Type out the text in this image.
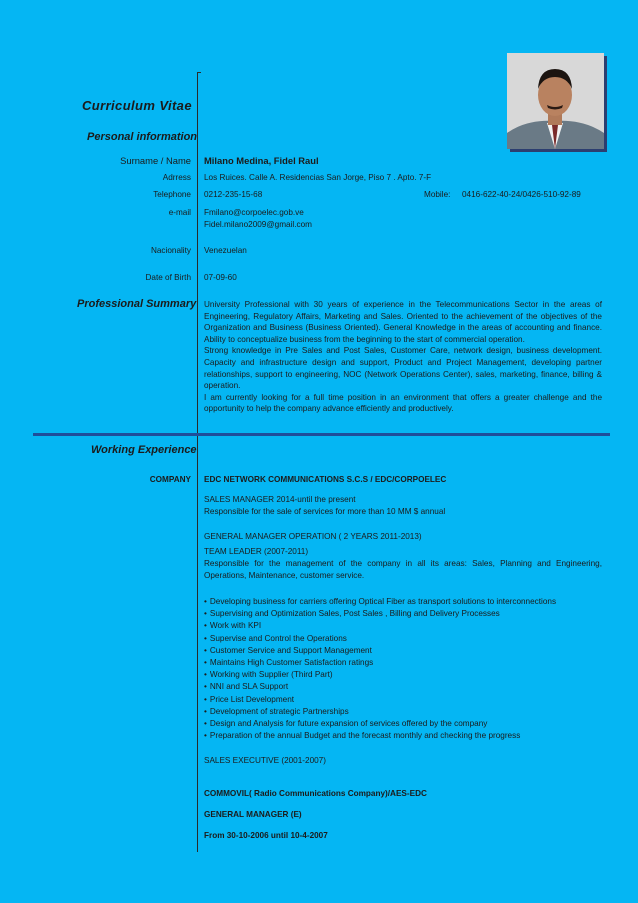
Curriculum Vitae
Personal information
Surname / Name Milano Medina, Fidel Raul
Adrress Los Ruices. Calle A. Residencias San Jorge, Piso 7 . Apto. 7-F
Telephone 0212-235-15-68	Mobile: 0416-622-40-24/0426-510-92-89
e-mail Fmilano@corpoelec.gob.ve
Fidel.milano2009@gmail.com
Nacionality Venezuelan
Date of Birth 07-09-60
Professional Summary University Professional with 30 years of experience in the Telecommunications Sector in the areas of Engineering, Regulatory Affairs, Marketing and Sales. Oriented to the achievement of the objectives of the Organization and Business (Business Oriented). General Knowledge in the areas of accounting and finance. Ability to conceptualize business from the beginning to the start of commercial operation.

Strong knowledge in Pre Sales and Post Sales, Customer Care, network design, business development. Capacity and infrastructure design and support, Product and Project Management, developing partner relationships, support to engineering, NOC (Network Operations Center), sales, marketing, finance, billing & operation.

I am currently looking for a full time position in an environment that offers a greater challenge and the opportunity to help the company advance efficiently and productively.

Working Experience
COMPANY EDC NETWORK COMMUNICATIONS S.C.S / EDC/CORPOELEC
SALES MANAGER 2014-until the present
Responsible for the sale of services for more than 10 MM $ annual
GENERAL MANAGER OPERATION ( 2 YEARS 2011-2013)
TEAM LEADER (2007-2011)
Responsible for the management of the company in all its areas: Sales, Planning and Engineering, Operations, Maintenance, customer service.
• Developing business for carriers offering Optical Fiber as transport solutions to interconnections
• Supervising and Optimization Sales, Post Sales , Billing and Delivery Processes
• Work with KPI
• Supervise and Control the Operations
• Customer Service and Support Management
• Maintains High Customer Satisfaction ratings
• Working with Supplier (Third Part)
• NNI and SLA Support
• Price List Development
• Development of strategic Partnerships
• Design and Analysis for future expansion of services offered by the company
• Preparation of the annual Budget and the forecast monthly and checking the progress
SALES EXECUTIVE (2001-2007)
COMMOVIL( Radio Communications Company)/AES-EDC
GENERAL MANAGER (E)
From 30-10-2006 until 10-4-2007
